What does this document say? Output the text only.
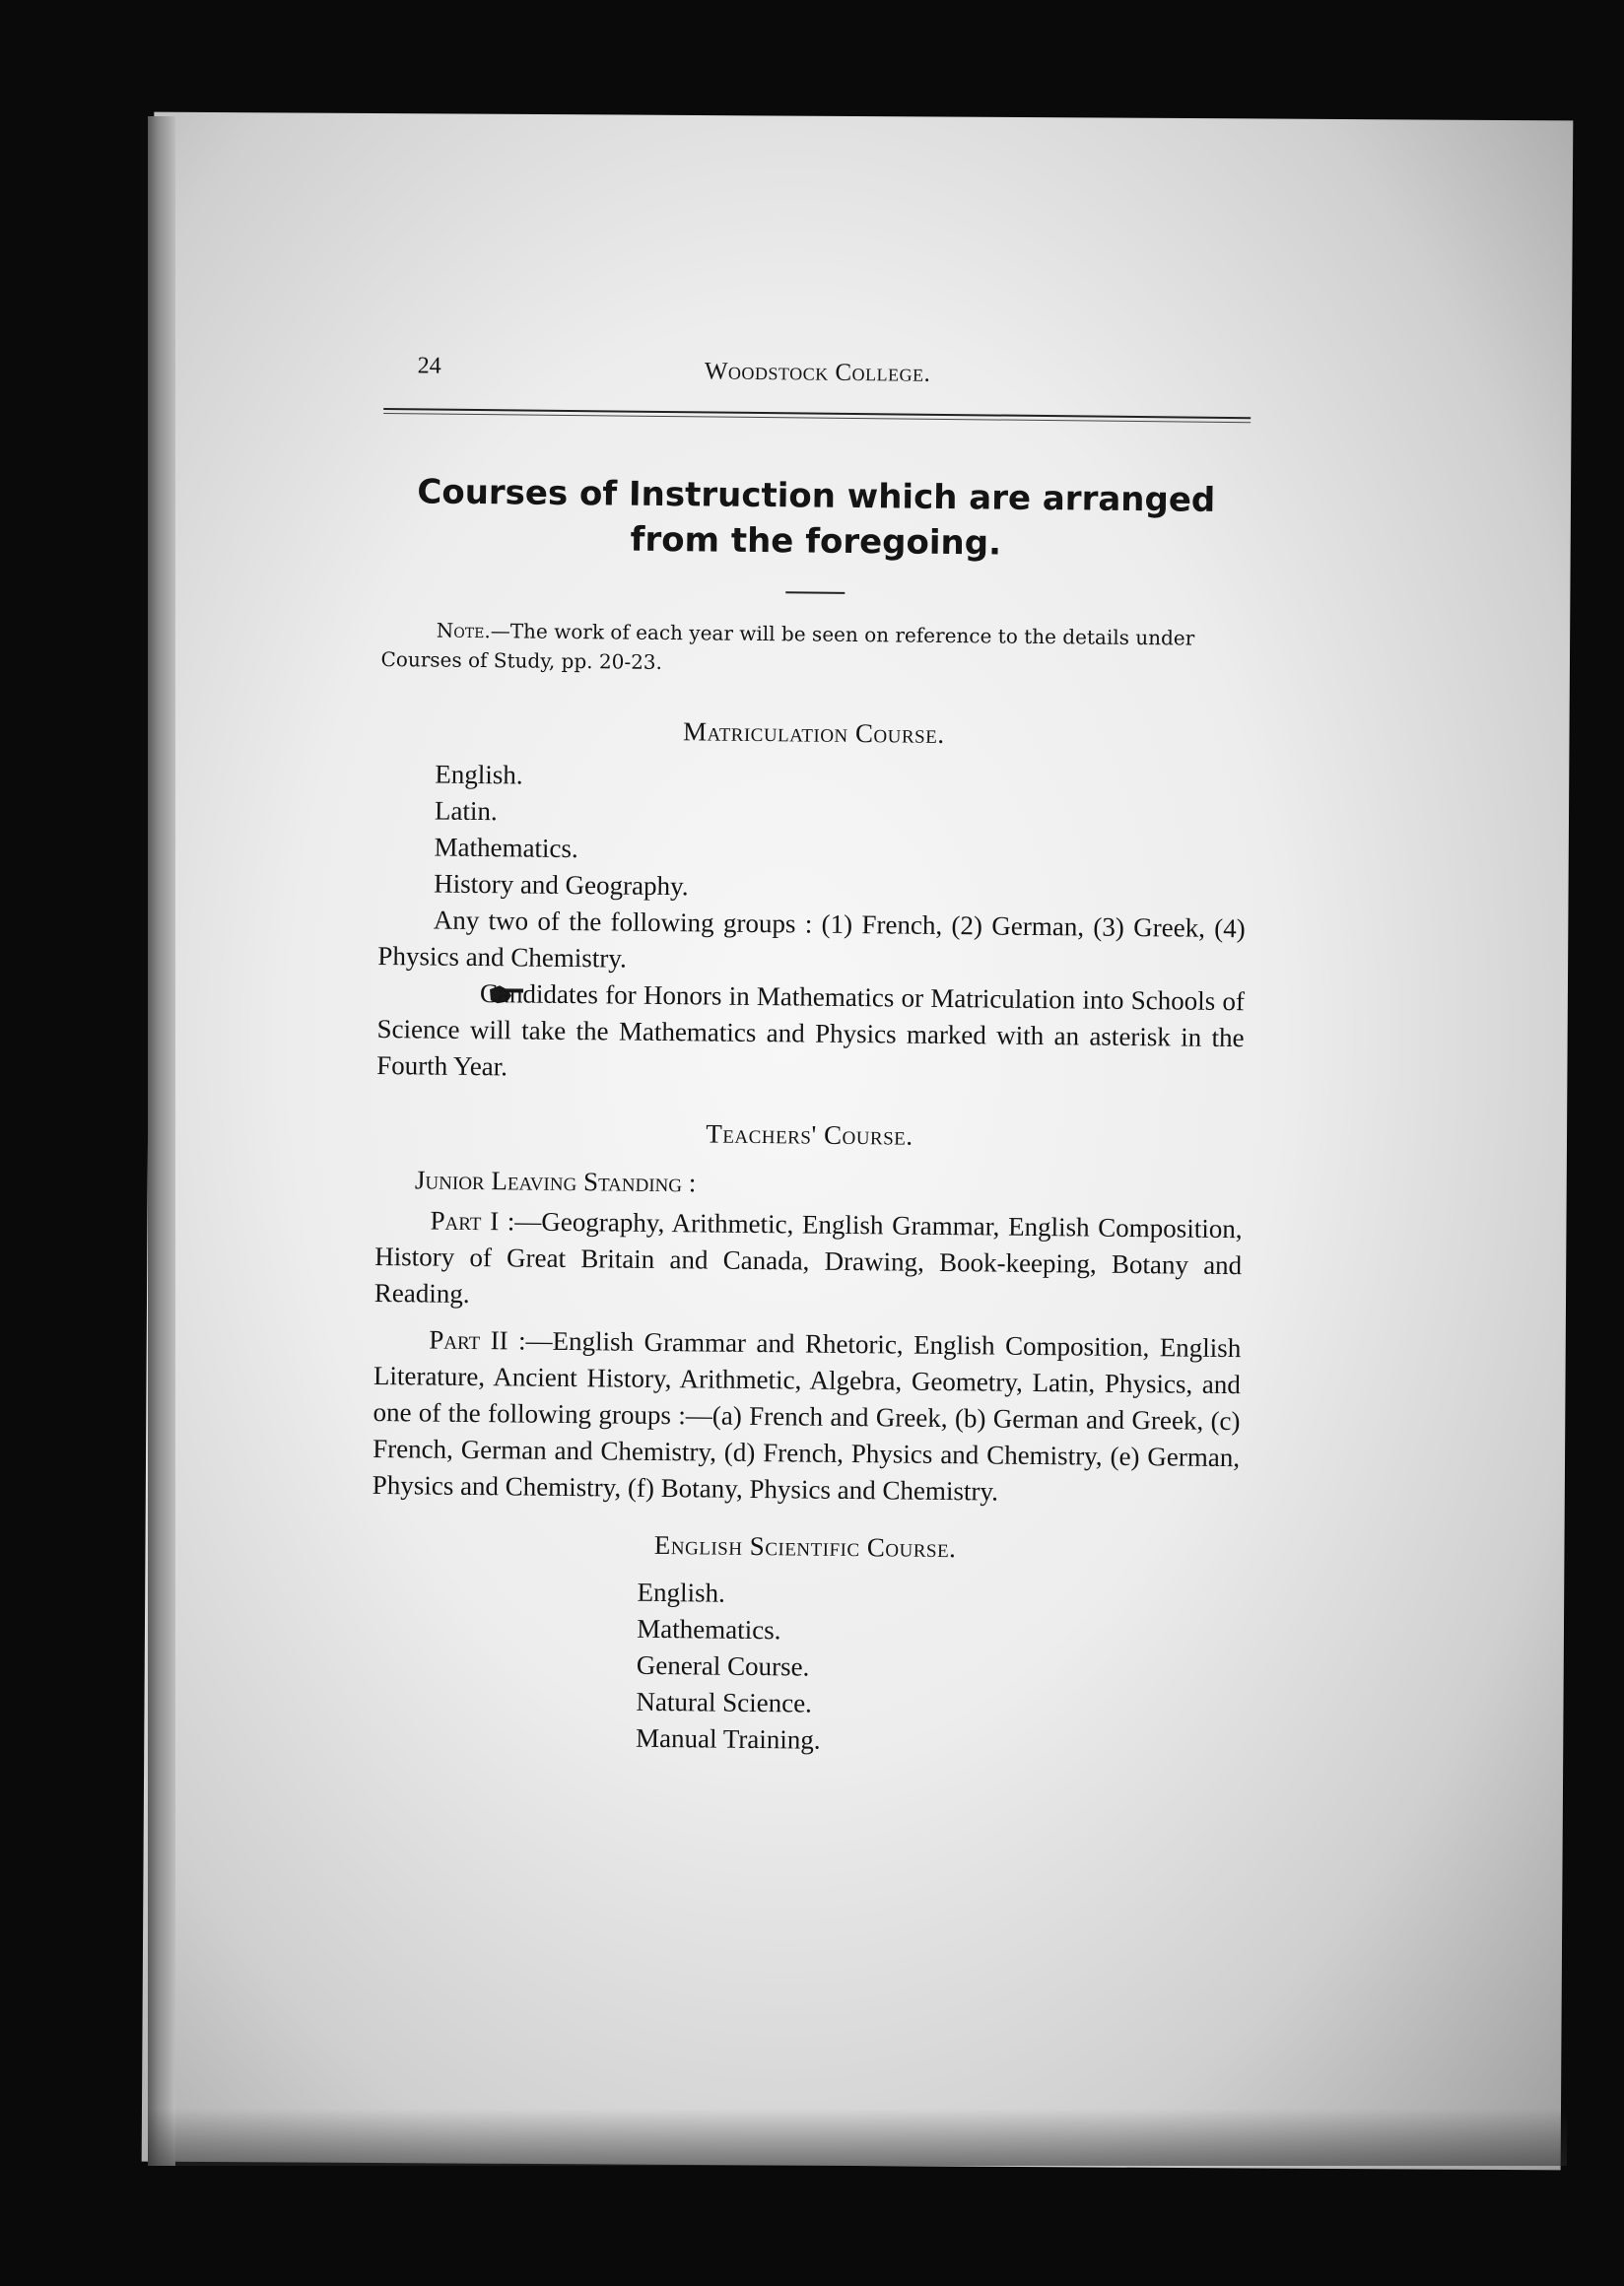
24	Woodstock College.
Courses of Instruction which are arranged
from the foregoing.

Note.—The work of each year will be seen on reference to the details under Courses of Study, pp. 20-23.

Matriculation Course.
English.
Latin.
Mathematics.
History and Geography.

Any two of the following groups : (1) French, (2) German, (3) Greek, (4) Physics and Chemistry.

Candidates for Honors in Mathematics or Matriculation into Schools of Science will take the Mathematics and Physics marked with an asterisk in the Fourth Year.

Teachers' Course.
Junior Leaving Standing :

Part I :—Geography, Arithmetic, English Grammar, English Composition, History of Great Britain and Canada, Drawing, Book-keeping, Botany and Reading.

Part II :—English Grammar and Rhetoric, English Composition, English Literature, Ancient History, Arithmetic, Algebra, Geometry, Latin, Physics, and one of the following groups :—(a) French and Greek, (b) German and Greek, (c) French, German and Chemistry, (d) French, Physics and Chemistry, (e) German, Physics and Chemistry, (f) Botany, Physics and Chemistry.

English Scientific Course.
English.
Mathematics.
General Course.
Natural Science.
Manual Training.
